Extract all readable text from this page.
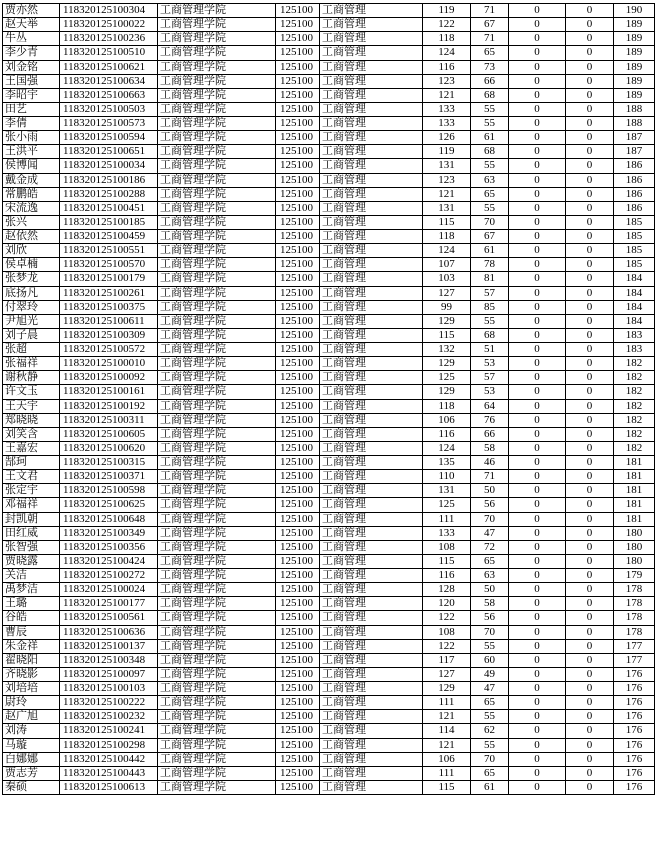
贾亦然	118320125100304	工商管理学院	125100	工商管理	119	71	0	0	190
赵天举	118320125100022	工商管理学院	125100	工商管理	122	67	0	0	189
牛丛	118320125100236	工商管理学院	125100	工商管理	118	71	0	0	189
李少青	118320125100510	工商管理学院	125100	工商管理	124	65	0	0	189
刘金铭	118320125100621	工商管理学院	125100	工商管理	116	73	0	0	189
王国强	118320125100634	工商管理学院	125100	工商管理	123	66	0	0	189
李昭宇	118320125100663	工商管理学院	125100	工商管理	121	68	0	0	189
田艺	118320125100503	工商管理学院	125100	工商管理	133	55	0	0	188
李倩	118320125100573	工商管理学院	125100	工商管理	133	55	0	0	188
张小雨	118320125100594	工商管理学院	125100	工商管理	126	61	0	0	187
王洪平	118320125100651	工商管理学院	125100	工商管理	119	68	0	0	187
侯博闻	118320125100034	工商管理学院	125100	工商管理	131	55	0	0	186
戴金成	118320125100186	工商管理学院	125100	工商管理	123	63	0	0	186
常鹏皓	118320125100288	工商管理学院	125100	工商管理	121	65	0	0	186
宋流逸	118320125100451	工商管理学院	125100	工商管理	131	55	0	0	186
张兴	118320125100185	工商管理学院	125100	工商管理	115	70	0	0	185
赵依然	118320125100459	工商管理学院	125100	工商管理	118	67	0	0	185
刘欣	118320125100551	工商管理学院	125100	工商管理	124	61	0	0	185
侯卓楠	118320125100570	工商管理学院	125100	工商管理	107	78	0	0	185
张梦龙	118320125100179	工商管理学院	125100	工商管理	103	81	0	0	184
底扬凡	118320125100261	工商管理学院	125100	工商管理	127	57	0	0	184
付翠玲	118320125100375	工商管理学院	125100	工商管理	99	85	0	0	184
尹旭光	118320125100611	工商管理学院	125100	工商管理	129	55	0	0	184
刘子晨	118320125100309	工商管理学院	125100	工商管理	115	68	0	0	183
张超	118320125100572	工商管理学院	125100	工商管理	132	51	0	0	183
张福祥	118320125100010	工商管理学院	125100	工商管理	129	53	0	0	182
谢秋静	118320125100092	工商管理学院	125100	工商管理	125	57	0	0	182
许文玉	118320125100161	工商管理学院	125100	工商管理	129	53	0	0	182
王天宇	118320125100192	工商管理学院	125100	工商管理	118	64	0	0	182
郑晓晓	118320125100311	工商管理学院	125100	工商管理	106	76	0	0	182
刘笑含	118320125100605	工商管理学院	125100	工商管理	116	66	0	0	182
王嘉宏	118320125100620	工商管理学院	125100	工商管理	124	58	0	0	182
郜珂	118320125100315	工商管理学院	125100	工商管理	135	46	0	0	181
王文君	118320125100371	工商管理学院	125100	工商管理	110	71	0	0	181
张定宇	118320125100598	工商管理学院	125100	工商管理	131	50	0	0	181
邓福祥	118320125100625	工商管理学院	125100	工商管理	125	56	0	0	181
封凯朝	118320125100648	工商管理学院	125100	工商管理	111	70	0	0	181
田红威	118320125100349	工商管理学院	125100	工商管理	133	47	0	0	180
张智强	118320125100356	工商管理学院	125100	工商管理	108	72	0	0	180
贾晓露	118320125100424	工商管理学院	125100	工商管理	115	65	0	0	180
关洁	118320125100272	工商管理学院	125100	工商管理	116	63	0	0	179
禹梦洁	118320125100024	工商管理学院	125100	工商管理	128	50	0	0	178
王璐	118320125100177	工商管理学院	125100	工商管理	120	58	0	0	178
谷皓	118320125100561	工商管理学院	125100	工商管理	122	56	0	0	178
曹辰	118320125100636	工商管理学院	125100	工商管理	108	70	0	0	178
朱金祥	118320125100137	工商管理学院	125100	工商管理	122	55	0	0	177
翟晓阳	118320125100348	工商管理学院	125100	工商管理	117	60	0	0	177
齐晓影	118320125100097	工商管理学院	125100	工商管理	127	49	0	0	176
刘培培	118320125100103	工商管理学院	125100	工商管理	129	47	0	0	176
尉玲	118320125100222	工商管理学院	125100	工商管理	111	65	0	0	176
赵广旭	118320125100232	工商管理学院	125100	工商管理	121	55	0	0	176
刘涛	118320125100241	工商管理学院	125100	工商管理	114	62	0	0	176
马璇	118320125100298	工商管理学院	125100	工商管理	121	55	0	0	176
白娜娜	118320125100442	工商管理学院	125100	工商管理	106	70	0	0	176
贾志芳	118320125100443	工商管理学院	125100	工商管理	111	65	0	0	176
秦硕	118320125100613	工商管理学院	125100	工商管理	115	61	0	0	176
